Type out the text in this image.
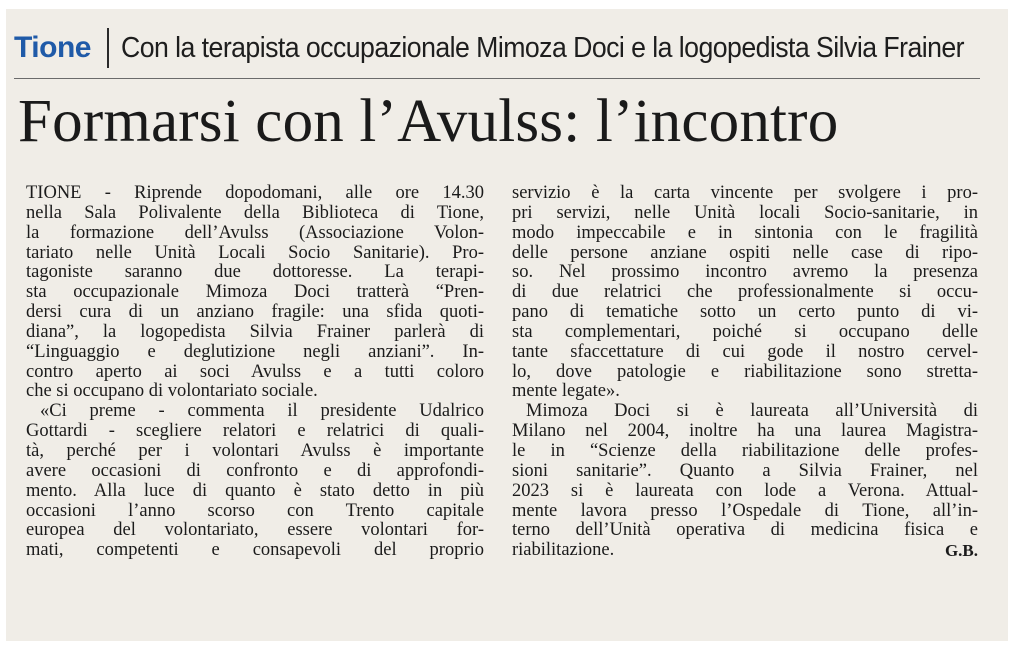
Tione Con la terapista occupazionale Mimoza Doci e la logopedista Silvia Frainer
Formarsi con l’Avulss: l’incontro
TIONE - Riprende dopodomani, alle ore 14.30
nella Sala Polivalente della Biblioteca di Tione,
la formazione dell’Avulss (Associazione Volon-
tariato nelle Unità Locali Socio Sanitarie). Pro-
tagoniste saranno due dottoresse. La terapi-
sta occupazionale Mimoza Doci tratterà “Pren-
dersi cura di un anziano fragile: una sfida quoti-
diana”, la logopedista Silvia Frainer parlerà di
“Linguaggio e deglutizione negli anziani”. In-
contro aperto ai soci Avulss e a tutti coloro
che si occupano di volontariato sociale.
«Ci preme - commenta il presidente Udalrico
Gottardi - scegliere relatori e relatrici di quali-
tà, perché per i volontari Avulss è importante
avere occasioni di confronto e di approfondi-
mento. Alla luce di quanto è stato detto in più
occasioni l’anno scorso con Trento capitale
europea del volontariato, essere volontari for-
mati, competenti e consapevoli del proprio
servizio è la carta vincente per svolgere i pro-
pri servizi, nelle Unità locali Socio-sanitarie, in
modo impeccabile e in sintonia con le fragilità
delle persone anziane ospiti nelle case di ripo-
so. Nel prossimo incontro avremo la presenza
di due relatrici che professionalmente si occu-
pano di tematiche sotto un certo punto di vi-
sta complementari, poiché si occupano delle
tante sfaccettature di cui gode il nostro cervel-
lo, dove patologie e riabilitazione sono stretta-
mente legate».
Mimoza Doci si è laureata all’Università di
Milano nel 2004, inoltre ha una laurea Magistra-
le in “Scienze della riabilitazione delle profes-
sioni sanitarie”. Quanto a Silvia Frainer, nel
2023 si è laureata con lode a Verona. Attual-
mente lavora presso l’Ospedale di Tione, all’in-
terno dell’Unità operativa di medicina fisica e
riabilitazione.	G.B.
